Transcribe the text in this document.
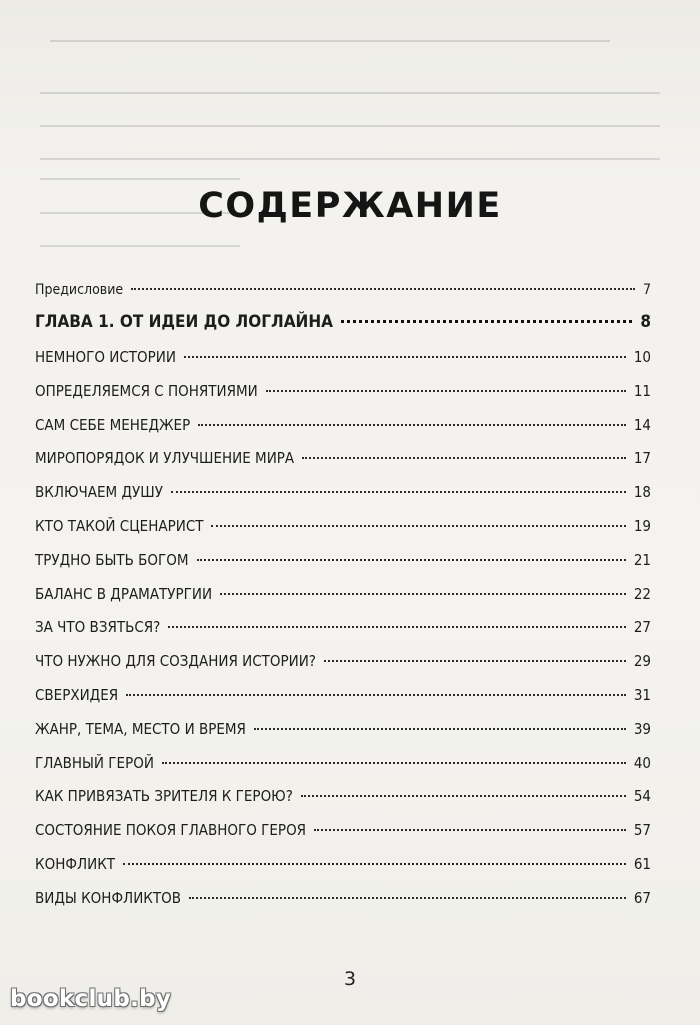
СОДЕРЖАНИЕ
Предисловие	7
ГЛАВА 1. ОТ ИДЕИ ДО ЛОГЛАЙНА	8
НЕМНОГО ИСТОРИИ	10
ОПРЕДЕЛЯЕМСЯ С ПОНЯТИЯМИ	11
САМ СЕБЕ МЕНЕДЖЕР	14
МИРОПОРЯДОК И УЛУЧШЕНИЕ МИРА	17
ВКЛЮЧАЕМ ДУШУ	18
КТО ТАКОЙ СЦЕНАРИСТ	19
ТРУДНО БЫТЬ БОГОМ	21
БАЛАНС В ДРАМАТУРГИИ	22
ЗА ЧТО ВЗЯТЬСЯ?	27
ЧТО НУЖНО ДЛЯ СОЗДАНИЯ ИСТОРИИ?	29
СВЕРХИДЕЯ	31
ЖАНР, ТЕМА, МЕСТО И ВРЕМЯ	39
ГЛАВНЫЙ ГЕРОЙ	40
КАК ПРИВЯЗАТЬ ЗРИТЕЛЯ К ГЕРОЮ?	54
СОСТОЯНИЕ ПОКОЯ ГЛАВНОГО ГЕРОЯ	57
КОНФЛИКТ	61
ВИДЫ КОНФЛИКТОВ	67
3
bookclub.by
